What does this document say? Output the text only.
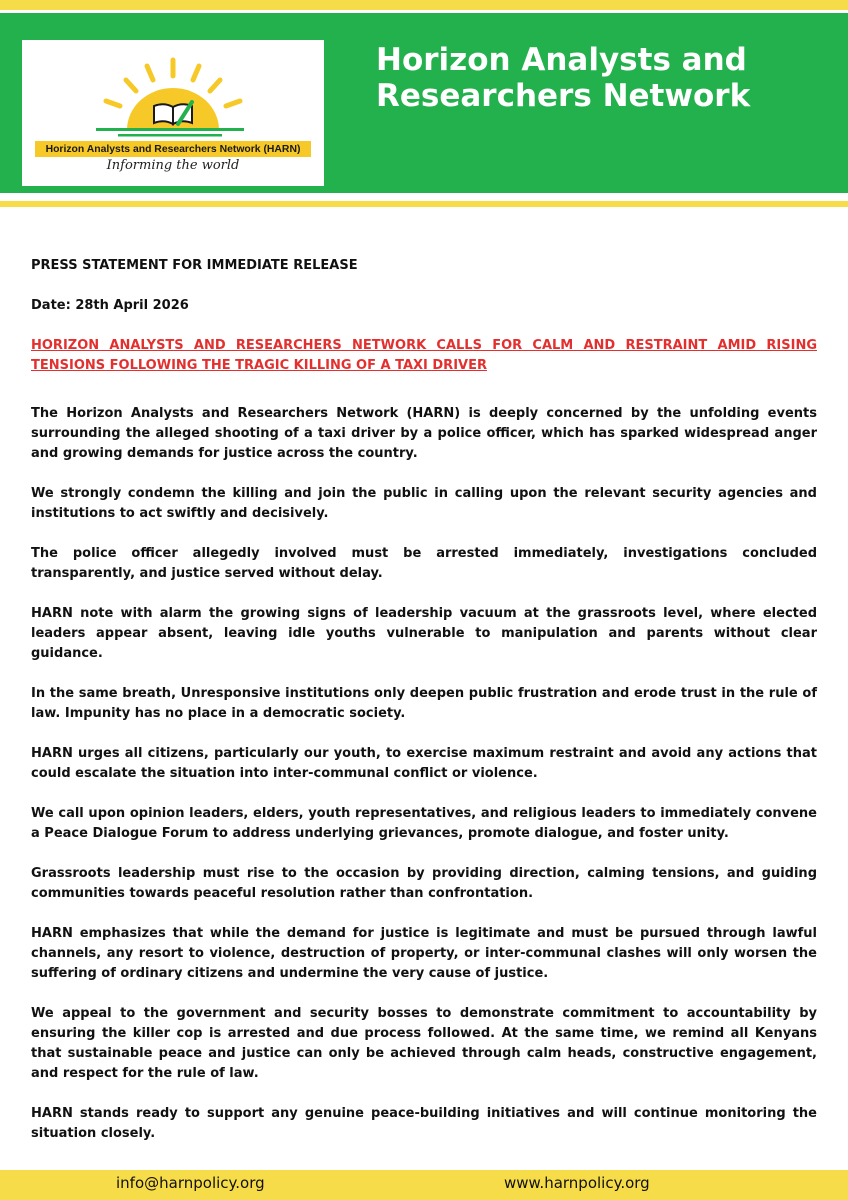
Horizon Analysts and Researchers Network (HARN)
Informing the world
Horizon Analysts and Researchers Network

PRESS STATEMENT FOR IMMEDIATE RELEASE

Date: 28th April 2026

HORIZON ANALYSTS AND RESEARCHERS NETWORK CALLS FOR CALM AND RESTRAINT AMID RISING TENSIONS FOLLOWING THE TRAGIC KILLING OF A TAXI DRIVER

The Horizon Analysts and Researchers Network (HARN) is deeply concerned by the unfolding events surrounding the alleged shooting of a taxi driver by a police officer, which has sparked widespread anger and growing demands for justice across the country.

We strongly condemn the killing and join the public in calling upon the relevant security agencies and institutions to act swiftly and decisively.

The police officer allegedly involved must be arrested immediately, investigations concluded transparently, and justice served without delay.

HARN note with alarm the growing signs of leadership vacuum at the grassroots level, where elected leaders appear absent, leaving idle youths vulnerable to manipulation and parents without clear guidance.

In the same breath, Unresponsive institutions only deepen public frustration and erode trust in the rule of law. Impunity has no place in a democratic society.

HARN urges all citizens, particularly our youth, to exercise maximum restraint and avoid any actions that could escalate the situation into inter-communal conflict or violence.

We call upon opinion leaders, elders, youth representatives, and religious leaders to immediately convene a Peace Dialogue Forum to address underlying grievances, promote dialogue, and foster unity.

Grassroots leadership must rise to the occasion by providing direction, calming tensions, and guiding communities towards peaceful resolution rather than confrontation.

HARN emphasizes that while the demand for justice is legitimate and must be pursued through lawful channels, any resort to violence, destruction of property, or inter-communal clashes will only worsen the suffering of ordinary citizens and undermine the very cause of justice.

We appeal to the government and security bosses to demonstrate commitment to accountability by ensuring the killer cop is arrested and due process followed. At the same time, we remind all Kenyans that sustainable peace and justice can only be achieved through calm heads, constructive engagement, and respect for the rule of law.

HARN stands ready to support any genuine peace-building initiatives and will continue monitoring the situation closely.

info@harnpolicy.org	www.harnpolicy.org
